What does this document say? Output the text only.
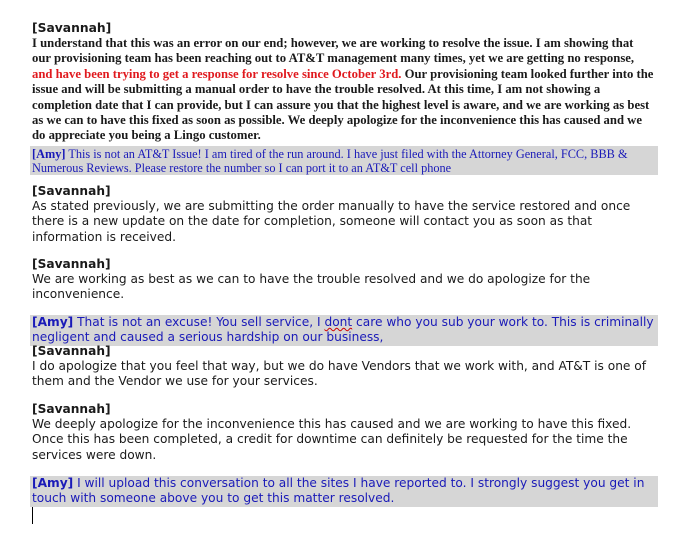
[Savannah]
I understand that this was an error on our end; however, we are working to resolve the issue. I am showing that our provisioning team has been reaching out to AT&T management many times, yet we are getting no response, and have been trying to get a response for resolve since October 3rd. Our provisioning team looked further into the issue and will be submitting a manual order to have the trouble resolved. At this time, I am not showing a completion date that I can provide, but I can assure you that the highest level is aware, and we are working as best as we can to have this fixed as soon as possible. We deeply apologize for the inconvenience this has caused and we do appreciate you being a Lingo customer.
[Amy] This is not an AT&T Issue! I am tired of the run around. I have just filed with the Attorney General, FCC, BBB & Numerous Reviews. Please restore the number so I can port it to an AT&T cell phone
[Savannah]
As stated previously, we are submitting the order manually to have the service restored and once there is a new update on the date for completion, someone will contact you as soon as that information is received.
[Savannah]
We are working as best as we can to have the trouble resolved and we do apologize for the inconvenience.
[Amy] That is not an excuse! You sell service, I dont care who you sub your work to. This is criminally negligent and caused a serious hardship on our business,
[Savannah]
I do apologize that you feel that way, but we do have Vendors that we work with, and AT&T is one of them and the Vendor we use for your services.
[Savannah]
We deeply apologize for the inconvenience this has caused and we are working to have this fixed. Once this has been completed, a credit for downtime can definitely be requested for the time the services were down.
[Amy] I will upload this conversation to all the sites I have reported to. I strongly suggest you get in touch with someone above you to get this matter resolved.
